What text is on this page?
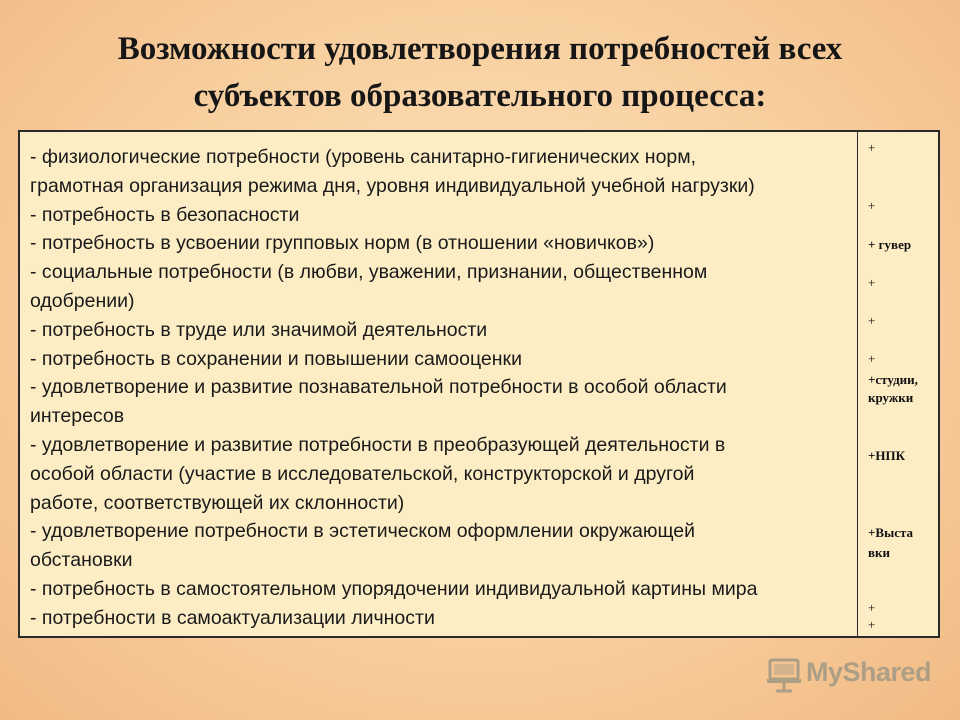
Возможности удовлетворения потребностей всех
субъектов образовательного процесса:
- физиологические потребности (уровень санитарно-гигиенических норм,
грамотная организация режима дня, уровня индивидуальной учебной нагрузки)
- потребность в безопасности
- потребность в усвоении групповых норм (в отношении «новичков»)
- социальные потребности (в любви, уважении, признании, общественном
одобрении)
- потребность в труде или значимой деятельности
- потребность в сохранении и повышении самооценки
- удовлетворение и развитие познавательной потребности в особой области
интересов
- удовлетворение и развитие потребности в преобразующей деятельности в
особой области (участие в исследовательской, конструкторской и другой
работе, соответствующей их склонности)
- удовлетворение потребности в эстетическом оформлении окружающей
обстановки
- потребность в самостоятельном упорядочении индивидуальной картины мира
- потребности в самоактуализации личности
+
+
+ гувер
+
+
+
+студии,
кружки
+НПК
+Выста
вки
+
+
MyShared
